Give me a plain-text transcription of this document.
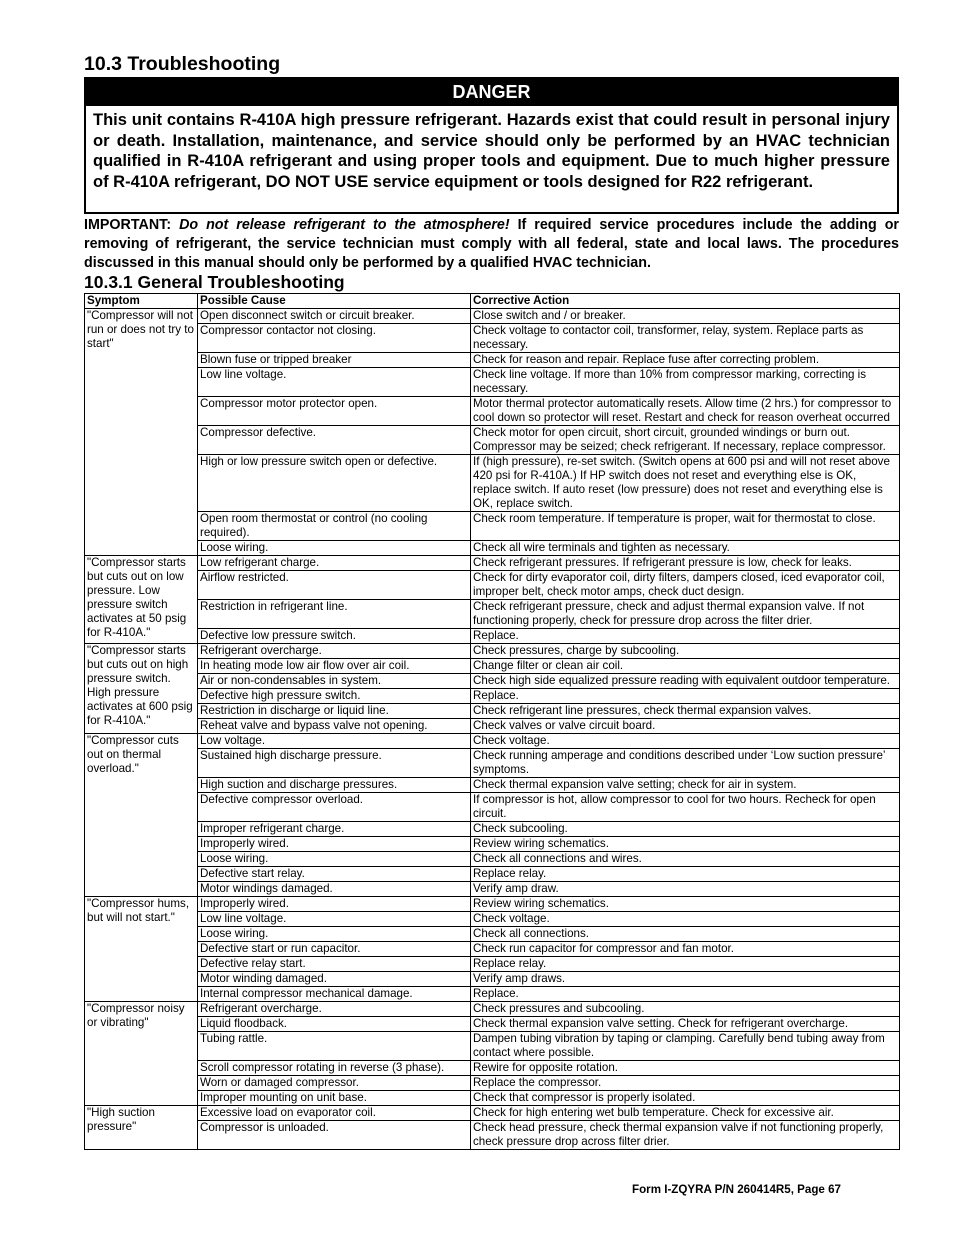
10.3 Troubleshooting
DANGER
This unit contains R-410A high pressure refrigerant. Hazards exist that could result in personal injury or death. Installation, maintenance, and service should only be performed by an HVAC technician qualified in R-410A refrigerant and using proper tools and equipment. Due to much higher pressure of R-410A refrigerant, DO NOT USE service equipment or tools designed for R22 refrigerant.

IMPORTANT: Do not release refrigerant to the atmosphere! If required service procedures include the adding or removing of refrigerant, the service technician must comply with all federal, state and local laws. The procedures discussed in this manual should only be performed by a qualified HVAC technician.

10.3.1 General Troubleshooting
Symptom	Possible Cause	Corrective Action
"Compressor will not run or does not try to start"	Open disconnect switch or circuit breaker.	Close switch and / or breaker.
	Compressor contactor not closing.	Check voltage to contactor coil, transformer, relay, system. Replace parts as necessary.
	Blown fuse or tripped breaker	Check for reason and repair. Replace fuse after correcting problem.
	Low line voltage.	Check line voltage. If more than 10% from compressor marking, correcting is necessary.
	Compressor motor protector open.	Motor thermal protector automatically resets. Allow time (2 hrs.) for compressor to cool down so protector will reset. Restart and check for reason overheat occurred
	Compressor defective.	Check motor for open circuit, short circuit, grounded windings or burn out. Compressor may be seized; check refrigerant. If necessary, replace compressor.
	High or low pressure switch open or defective.	If (high pressure), re-set switch. (Switch opens at 600 psi and will not reset above 420 psi for R-410A.) If HP switch does not reset and everything else is OK, replace switch. If auto reset (low pressure) does not reset and everything else is OK, replace switch.
	Open room thermostat or control (no cooling required).	Check room temperature. If temperature is proper, wait for thermostat to close.
	Loose wiring.	Check all wire terminals and tighten as necessary.
"Compressor starts but cuts out on low pressure. Low pressure switch activates at 50 psig for R-410A."	Low refrigerant charge.	Check refrigerant pressures. If refrigerant pressure is low, check for leaks.
	Airflow restricted.	Check for dirty evaporator coil, dirty filters, dampers closed, iced evaporator coil, improper belt, check motor amps, check duct design.
	Restriction in refrigerant line.	Check refrigerant pressure, check and adjust thermal expansion valve. If not functioning properly, check for pressure drop across the filter drier.
	Defective low pressure switch.	Replace.
"Compressor starts but cuts out on high pressure switch. High pressure activates at 600 psig for R-410A."	Refrigerant overcharge.	Check pressures, charge by subcooling.
	In heating mode low air flow over air coil.	Change filter or clean air coil.
	Air or non-condensables in system.	Check high side equalized pressure reading with equivalent outdoor temperature.
	Defective high pressure switch.	Replace.
	Restriction in discharge or liquid line.	Check refrigerant line pressures, check thermal expansion valves.
	Reheat valve and bypass valve not opening.	Check valves or valve circuit board.
"Compressor cuts out on thermal overload."	Low voltage.	Check voltage.
	Sustained high discharge pressure.	Check running amperage and conditions described under ‘Low suction pressure’ symptoms.
	High suction and discharge pressures.	Check thermal expansion valve setting; check for air in system.
	Defective compressor overload.	If compressor is hot, allow compressor to cool for two hours. Recheck for open circuit.
	Improper refrigerant charge.	Check subcooling.
	Improperly wired.	Review wiring schematics.
	Loose wiring.	Check all connections and wires.
	Defective start relay.	Replace relay.
	Motor windings damaged.	Verify amp draw.
"Compressor hums, but will not start."	Improperly wired.	Review wiring schematics.
	Low line voltage.	Check voltage.
	Loose wiring.	Check all connections.
	Defective start or run capacitor.	Check run capacitor for compressor and fan motor.
	Defective relay start.	Replace relay.
	Motor winding damaged.	Verify amp draws.
	Internal compressor mechanical damage.	Replace.
"Compressor noisy or vibrating"	Refrigerant overcharge.	Check pressures and subcooling.
	Liquid floodback.	Check thermal expansion valve setting. Check for refrigerant overcharge.
	Tubing rattle.	Dampen tubing vibration by taping or clamping. Carefully bend tubing away from contact where possible.
	Scroll compressor rotating in reverse (3 phase).	Rewire for opposite rotation.
	Worn or damaged compressor.	Replace the compressor.
	Improper mounting on unit base.	Check that compressor is properly isolated.
"High suction pressure"	Excessive load on evaporator coil.	Check for high entering wet bulb temperature. Check for excessive air.
	Compressor is unloaded.	Check head pressure, check thermal expansion valve if not functioning properly, check pressure drop across filter drier.

Form I-ZQYRA P/N 260414R5, Page 67
